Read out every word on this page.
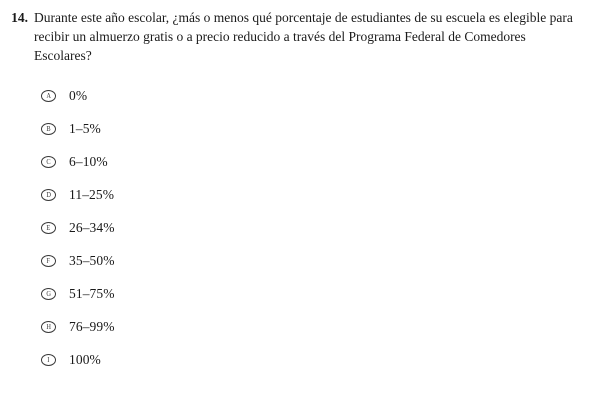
14. Durante este año escolar, ¿más o menos qué porcentaje de estudiantes de su escuela es elegible para recibir un almuerzo gratis o a precio reducido a través del Programa Federal de Comedores Escolares?
A 0%
B 1–5%
C 6–10%
D 11–25%
E 26–34%
F 35–50%
G 51–75%
H 76–99%
I 100%
